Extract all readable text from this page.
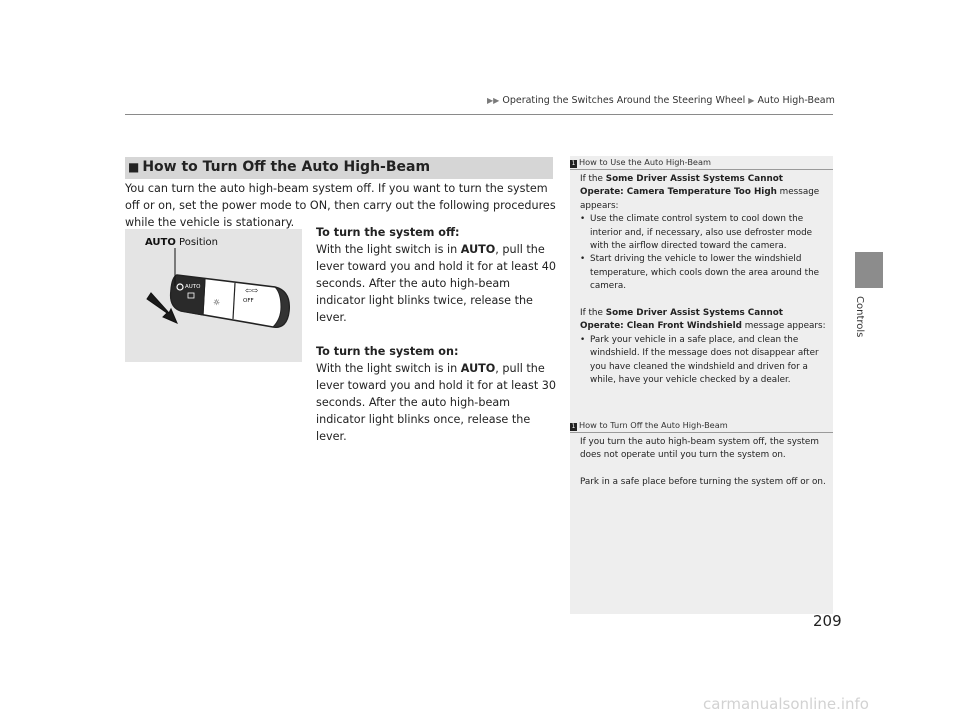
▶▶ Operating the Switches Around the Steering Wheel ▶ Auto High-Beam
Controls
■ How to Turn Off the Auto High-Beam
You can turn the auto high-beam system off. If you want to turn the system off or on, set the power mode to ON, then carry out the following procedures while the vehicle is stationary.
AUTO Position
AUTO
OFF
⇦⇨
☼
To turn the system off:
With the light switch is in AUTO, pull the lever toward you and hold it for at least 40 seconds. After the auto high-beam indicator light blinks twice, release the lever.
To turn the system on:
With the light switch is in AUTO, pull the lever toward you and hold it for at least 30 seconds. After the auto high-beam indicator light blinks once, release the lever.
1 How to Use the Auto High-Beam

If the Some Driver Assist Systems Cannot Operate: Camera Temperature Too High message appears:

• Use the climate control system to cool down the interior and, if necessary, also use defroster mode with the airflow directed toward the camera.

• Start driving the vehicle to lower the windshield temperature, which cools down the area around the camera.

If the Some Driver Assist Systems Cannot Operate: Clean Front Windshield message appears:

• Park your vehicle in a safe place, and clean the windshield. If the message does not disappear after you have cleaned the windshield and driven for a while, have your vehicle checked by a dealer.

1 How to Turn Off the Auto High-Beam

If you turn the auto high-beam system off, the system does not operate until you turn the system on.

Park in a safe place before turning the system off or on.

209
carmanualsonline.info
